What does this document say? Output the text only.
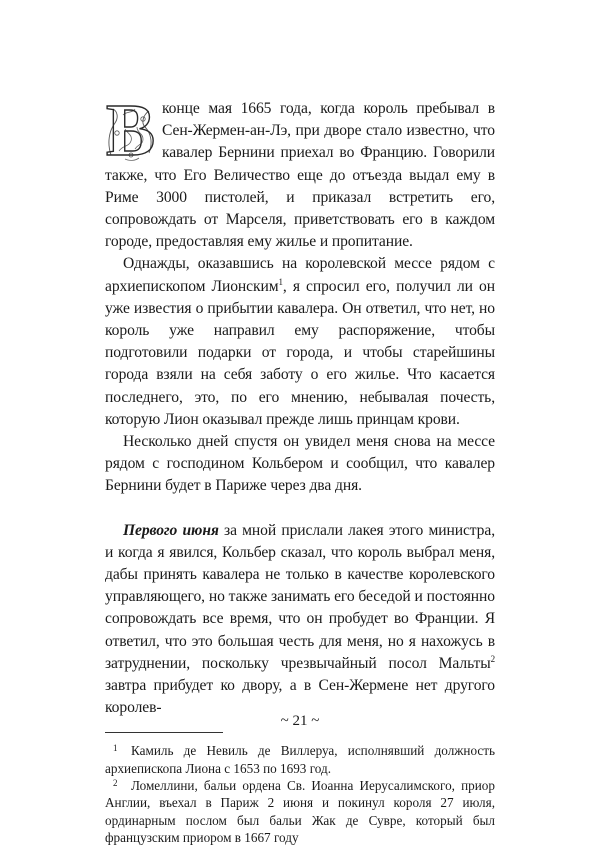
В конце мая 1665 года, когда король пребывал в Сен-Жермен-ан-Лэ, при дворе стало известно, что кавалер Бернини приехал во Францию. Говорили также, что Его Величество еще до отъезда выдал ему в Риме 3000 пистолей, и приказал встретить его, сопровождать от Марселя, приветствовать его в каждом городе, предоставляя ему жилье и пропитание.

Однажды, оказавшись на королевской мессе рядом с архиепископом Лионским$^1$, я спросил его, получил ли он уже известия о прибытии кавалера. Он ответил, что нет, но король уже направил ему распоряжение, чтобы подготовили подарки от города, и чтобы старейшины города взяли на себя заботу о его жилье. Что касается последнего, это, по его мнению, небывалая почесть, которую Лион оказывал прежде лишь принцам крови.

Несколько дней спустя он увидел меня снова на мессе рядом с господином Кольбером и сообщил, что кавалер Бернини будет в Париже через два дня.

Первого июня за мной прислали лакея этого министра, и когда я явился, Кольбер сказал, что король выбрал меня, дабы принять кавалера не только в качестве королевского управляющего, но также занимать его беседой и постоянно сопровождать все время, что он пробудет во Франции. Я ответил, что это большая честь для меня, но я нахожусь в затруднении, поскольку чрезвычайный посол Мальты$^2$ завтра прибудет ко двору, а в Сен-Жермене нет другого королев-

1 Камиль де Невиль де Виллеруа, исполнявший должность архиепископа Лиона с 1653 по 1693 год.

2 Ломеллини, бальи ордена Св. Иоанна Иерусалимского, приор Англии, въехал в Париж 2 июня и покинул короля 27 июля, ординарным послом был бальи Жак де Сувре, который был французским приором в 1667 году

~ 21 ~
